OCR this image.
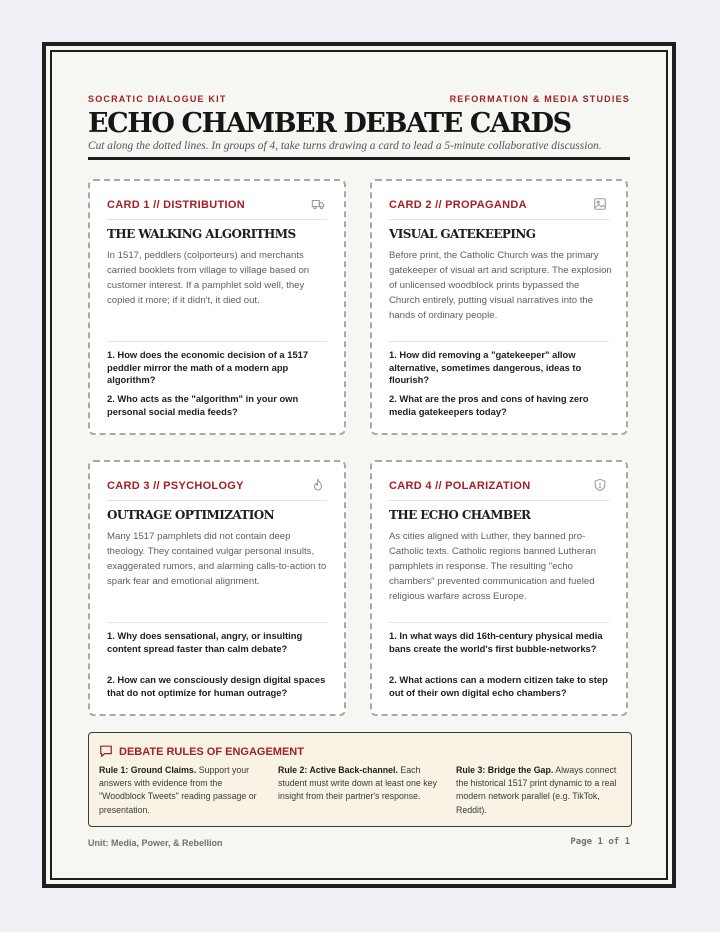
SOCRATIC DIALOGUE KIT	REFORMATION & MEDIA STUDIES
ECHO CHAMBER DEBATE CARDS
Cut along the dotted lines. In groups of 4, take turns drawing a card to lead a 5-minute collaborative discussion.
CARD 1 // DISTRIBUTION
THE WALKING ALGORITHMS
In 1517, peddlers (colporteurs) and merchants carried booklets from village to village based on customer interest. If a pamphlet sold well, they copied it more; if it didn't, it died out.
1. How does the economic decision of a 1517 peddler mirror the math of a modern app algorithm?
2. Who acts as the "algorithm" in your own personal social media feeds?
CARD 2 // PROPAGANDA
VISUAL GATEKEEPING
Before print, the Catholic Church was the primary gatekeeper of visual art and scripture. The explosion of unlicensed woodblock prints bypassed the Church entirely, putting visual narratives into the hands of ordinary people.
1. How did removing a "gatekeeper" allow alternative, sometimes dangerous, ideas to flourish?
2. What are the pros and cons of having zero media gatekeepers today?
CARD 3 // PSYCHOLOGY
OUTRAGE OPTIMIZATION
Many 1517 pamphlets did not contain deep theology. They contained vulgar personal insults, exaggerated rumors, and alarming calls-to-action to spark fear and emotional alignment.
1. Why does sensational, angry, or insulting content spread faster than calm debate?
2. How can we consciously design digital spaces that do not optimize for human outrage?
CARD 4 // POLARIZATION
THE ECHO CHAMBER
As cities aligned with Luther, they banned pro-Catholic texts. Catholic regions banned Lutheran pamphlets in response. The resulting "echo chambers" prevented communication and fueled religious warfare across Europe.
1. In what ways did 16th-century physical media bans create the world's first bubble-networks?
2. What actions can a modern citizen take to step out of their own digital echo chambers?
DEBATE RULES OF ENGAGEMENT
Rule 1: Ground Claims. Support your answers with evidence from the "Woodblock Tweets" reading passage or presentation.
Rule 2: Active Back-channel. Each student must write down at least one key insight from their partner's response.
Rule 3: Bridge the Gap. Always connect the historical 1517 print dynamic to a real modern network parallel (e.g. TikTok, Reddit).
Unit: Media, Power, & Rebellion	Page 1 of 1
